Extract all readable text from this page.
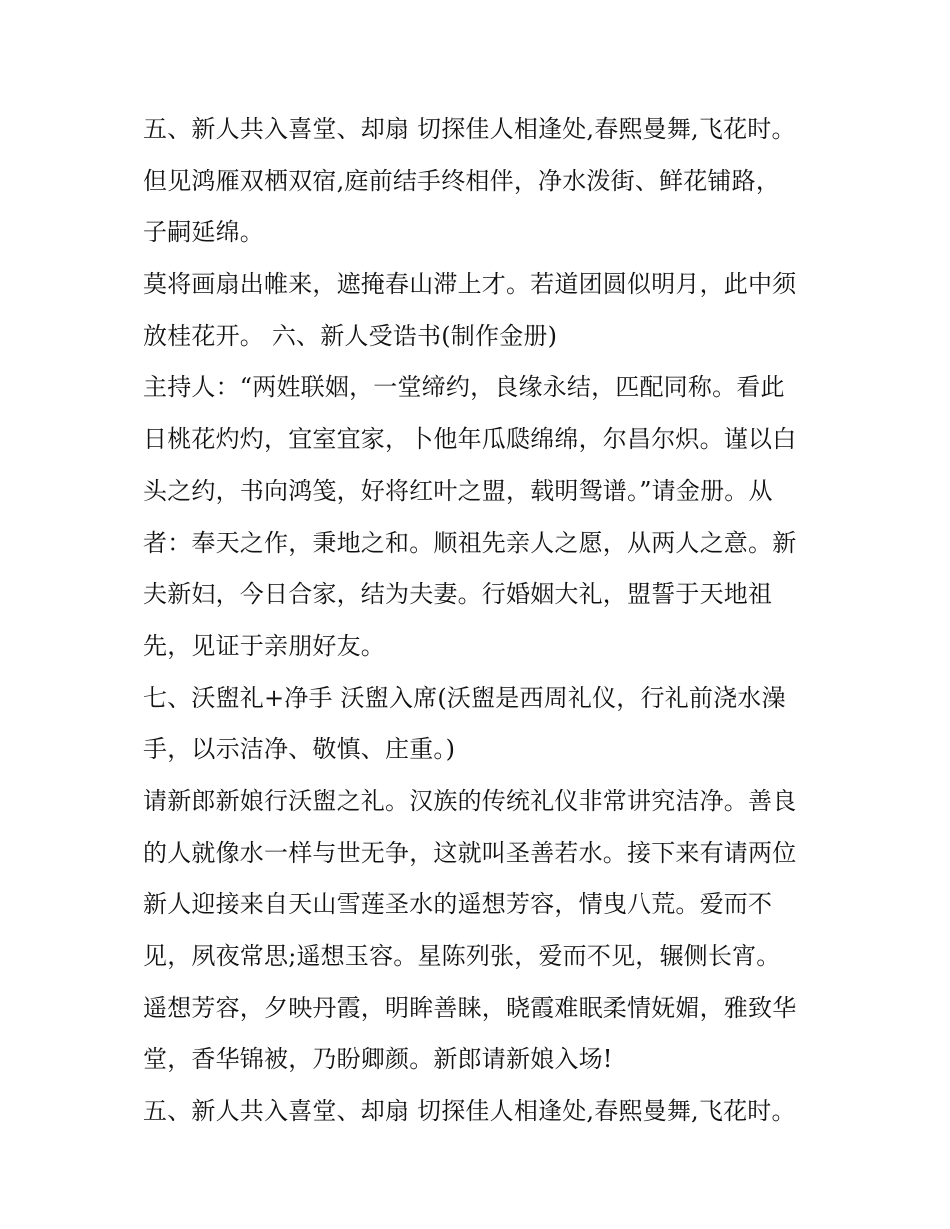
五、新人共入喜堂、却扇 切探佳人相逢处,春熙曼舞,飞花时。
但见鸿雁双栖双宿,庭前结手终相伴，净水泼街、鲜花铺路，
子嗣延绵。
莫将画扇出帷来，遮掩春山滞上才。若道团圆似明月，此中须
放桂花开。 六、新人受诰书(制作金册)
主持人：“两姓联姻，一堂缔约，良缘永结，匹配同称。看此
日桃花灼灼，宜室宜家，卜他年瓜瓞绵绵，尔昌尔炽。谨以白
头之约，书向鸿笺，好将红叶之盟，载明鸳谱。”请金册。从
者：奉天之作，秉地之和。顺祖先亲人之愿，从两人之意。新
夫新妇，今日合家，结为夫妻。行婚姻大礼，盟誓于天地祖
先，见证于亲朋好友。
七、沃盥礼+净手 沃盥入席(沃盥是西周礼仪，行礼前浇水澡
手，以示洁净、敬慎、庄重。)
请新郎新娘行沃盥之礼。汉族的传统礼仪非常讲究洁净。善良
的人就像水一样与世无争，这就叫圣善若水。接下来有请两位
新人迎接来自天山雪莲圣水的遥想芳容，情曳八荒。爱而不
见，夙夜常思;遥想玉容。星陈列张，爱而不见，辗侧长宵。
遥想芳容，夕映丹霞，明眸善睐，晓霞难眠柔情妩媚，雅致华
堂，香华锦被，乃盼卿颜。新郎请新娘入场!
五、新人共入喜堂、却扇 切探佳人相逢处,春熙曼舞,飞花时。
